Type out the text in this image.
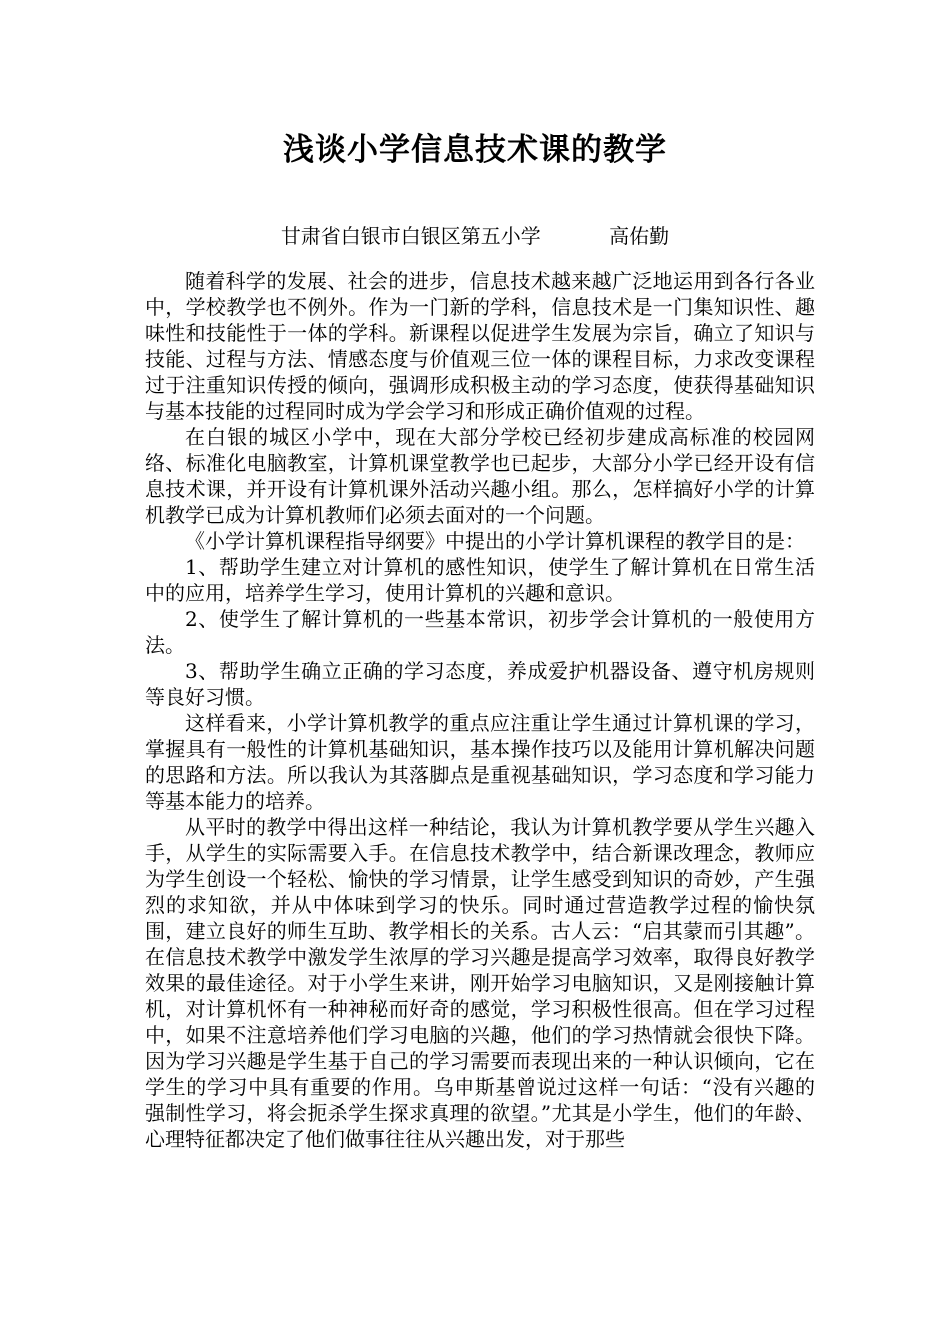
浅谈小学信息技术课的教学
甘肃省白银市白银区第五小学	高佑勤

随着科学的发展、社会的进步，信息技术越来越广泛地运用到各行各业中，学校教学也不例外。作为一门新的学科，信息技术是一门集知识性、趣味性和技能性于一体的学科。新课程以促进学生发展为宗旨，确立了知识与技能、过程与方法、情感态度与价值观三位一体的课程目标，力求改变课程过于注重知识传授的倾向，强调形成积极主动的学习态度，使获得基础知识与基本技能的过程同时成为学会学习和形成正确价值观的过程。

在白银的城区小学中，现在大部分学校已经初步建成高标准的校园网络、标准化电脑教室，计算机课堂教学也已起步，大部分小学已经开设有信息技术课，并开设有计算机课外活动兴趣小组。那么，怎样搞好小学的计算机教学已成为计算机教师们必须去面对的一个问题。

《小学计算机课程指导纲要》中提出的小学计算机课程的教学目的是：

1、帮助学生建立对计算机的感性知识，使学生了解计算机在日常生活中的应用，培养学生学习，使用计算机的兴趣和意识。

2、使学生了解计算机的一些基本常识，初步学会计算机的一般使用方法。

3、帮助学生确立正确的学习态度，养成爱护机器设备、遵守机房规则等良好习惯。

这样看来，小学计算机教学的重点应注重让学生通过计算机课的学习，掌握具有一般性的计算机基础知识，基本操作技巧以及能用计算机解决问题的思路和方法。所以我认为其落脚点是重视基础知识，学习态度和学习能力等基本能力的培养。

从平时的教学中得出这样一种结论，我认为计算机教学要从学生兴趣入手，从学生的实际需要入手。在信息技术教学中，结合新课改理念，教师应为学生创设一个轻松、愉快的学习情景，让学生感受到知识的奇妙，产生强烈的求知欲，并从中体味到学习的快乐。同时通过营造教学过程的愉快氛围，建立良好的师生互助、教学相长的关系。古人云：“启其蒙而引其趣”。在信息技术教学中激发学生浓厚的学习兴趣是提高学习效率，取得良好教学效果的最佳途径。对于小学生来讲，刚开始学习电脑知识，又是刚接触计算机，对计算机怀有一种神秘而好奇的感觉，学习积极性很高。但在学习过程中，如果不注意培养他们学习电脑的兴趣，他们的学习热情就会很快下降。因为学习兴趣是学生基于自己的学习需要而表现出来的一种认识倾向，它在学生的学习中具有重要的作用。乌申斯基曾说过这样一句话：“没有兴趣的强制性学习，将会扼杀学生探求真理的欲望。”尤其是小学生，他们的年龄、心理特征都决定了他们做事往往从兴趣出发，对于那些
